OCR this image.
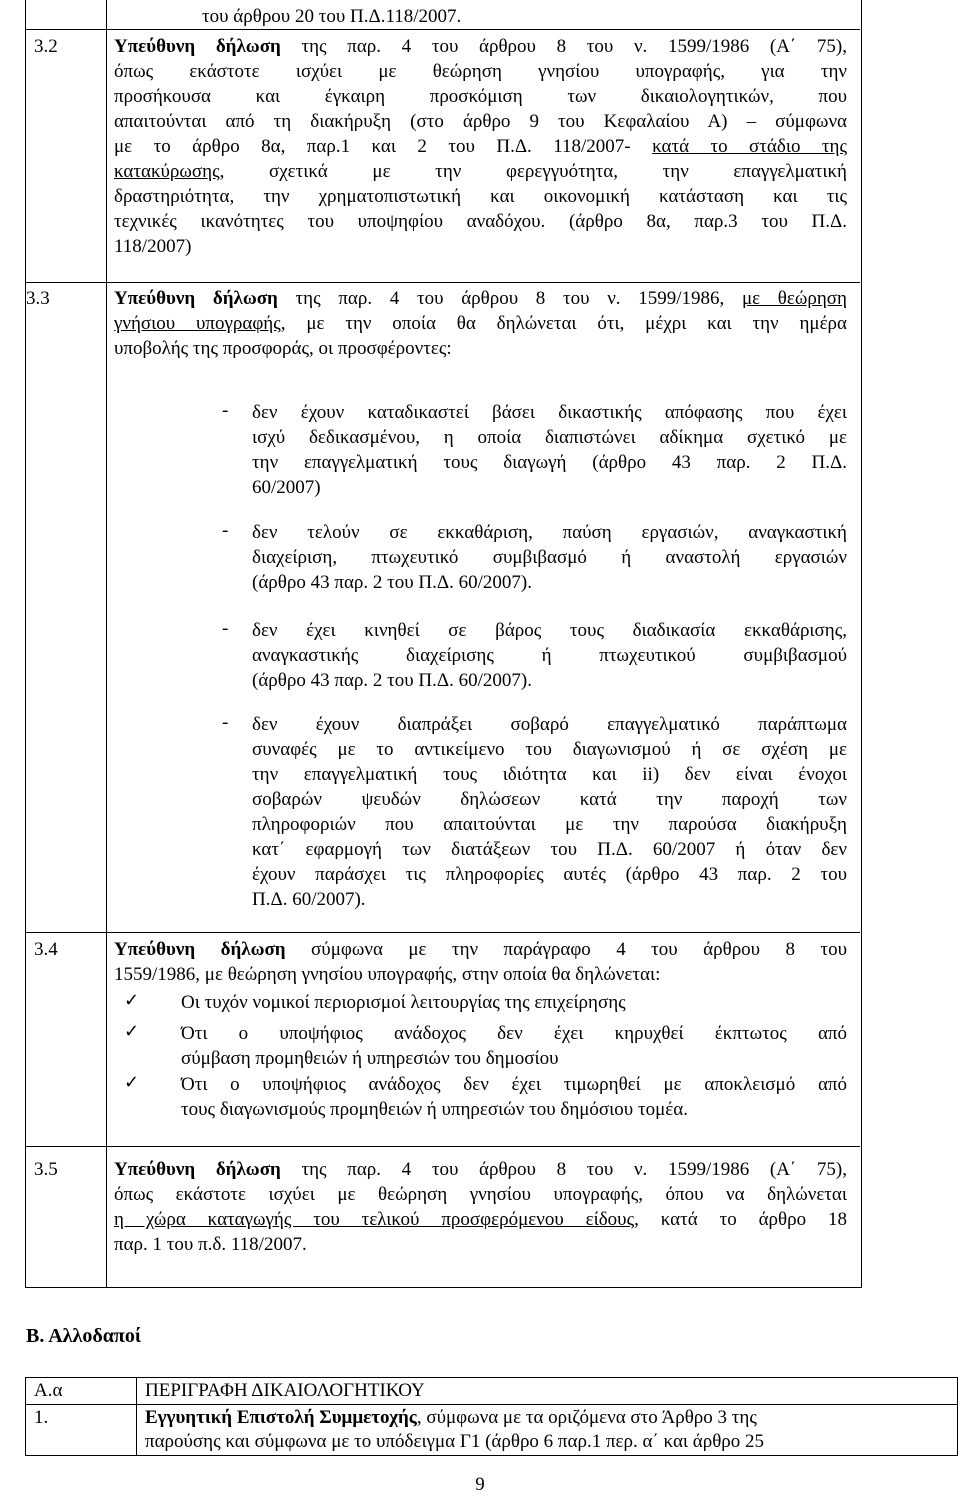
του άρθρου 20 του Π.Δ.118/2007.
3.2	Υπεύθυνη δήλωση της παρ. 4 του άρθρου 8 του ν. 1599/1986 (Α΄ 75),
όπως εκάστοτε ισχύει με θεώρηση γνησίου υπογραφής, για την
προσήκουσα και έγκαιρη προσκόμιση των δικαιολογητικών, που
απαιτούνται από τη διακήρυξη (στο άρθρο 9 του Κεφαλαίου Α) – σύμφωνα
με το άρθρο 8α, παρ.1 και 2 του Π.Δ. 118/2007- κατά το στάδιο της
κατακύρωσης, σχετικά με την φερεγγυότητα, την επαγγελματική
δραστηριότητα, την χρηματοπιστωτική και οικονομική κατάσταση και τις
τεχνικές ικανότητες του υποψηφίου αναδόχου. (άρθρο 8α, παρ.3 του Π.Δ.
118/2007)
3.3	Υπεύθυνη δήλωση της παρ. 4 του άρθρου 8 του ν. 1599/1986, με θεώρηση
γνήσιου υπογραφής, με την οποία θα δηλώνεται ότι, μέχρι και την ημέρα
υποβολής της προσφοράς, οι προσφέροντες:
- δεν έχουν καταδικαστεί βάσει δικαστικής απόφασης που έχει
ισχύ δεδικασμένου, η οποία διαπιστώνει αδίκημα σχετικό με
την επαγγελματική τους διαγωγή (άρθρο 43 παρ. 2 Π.Δ.
60/2007)
- δεν τελούν σε εκκαθάριση, παύση εργασιών, αναγκαστική
διαχείριση, πτωχευτικό συμβιβασμό ή αναστολή εργασιών
(άρθρο 43 παρ. 2 του Π.Δ. 60/2007).
- δεν έχει κινηθεί σε βάρος τους διαδικασία εκκαθάρισης,
αναγκαστικής διαχείρισης ή πτωχευτικού συμβιβασμού
(άρθρο 43 παρ. 2 του Π.Δ. 60/2007).
- δεν έχουν διαπράξει σοβαρό επαγγελματικό παράπτωμα
συναφές με το αντικείμενο του διαγωνισμού ή σε σχέση με
την επαγγελματική τους ιδιότητα και ii) δεν είναι ένοχοι
σοβαρών ψευδών δηλώσεων κατά την παροχή των
πληροφοριών που απαιτούνται με την παρούσα διακήρυξη
κατ΄ εφαρμογή των διατάξεων του Π.Δ. 60/2007 ή όταν δεν
έχουν παράσχει τις πληροφορίες αυτές (άρθρο 43 παρ. 2 του
Π.Δ. 60/2007).
3.4	Υπεύθυνη δήλωση σύμφωνα με την παράγραφο 4 του άρθρου 8 του
1559/1986, με θεώρηση γνησίου υπογραφής, στην οποία θα δηλώνεται:
✓ Οι τυχόν νομικοί περιορισμοί λειτουργίας της επιχείρησης
✓ Ότι ο υποψήφιος ανάδοχος δεν έχει κηρυχθεί έκπτωτος από
σύμβαση προμηθειών ή υπηρεσιών του δημοσίου
✓ Ότι ο υποψήφιος ανάδοχος δεν έχει τιμωρηθεί με αποκλεισμό από
τους διαγωνισμούς προμηθειών ή υπηρεσιών του δημόσιου τομέα.
3.5	Υπεύθυνη δήλωση της παρ. 4 του άρθρου 8 του ν. 1599/1986 (Α΄ 75),
όπως εκάστοτε ισχύει με θεώρηση γνησίου υπογραφής, όπου να δηλώνεται
η χώρα καταγωγής του τελικού προσφερόμενου είδους, κατά το άρθρο 18
παρ. 1 του π.δ. 118/2007.
Β. Αλλοδαποί
Α.α	ΠΕΡΙΓΡΑΦΗ ΔΙΚΑΙΟΛΟΓΗΤΙΚΟΥ
1.	Εγγυητική Επιστολή Συμμετοχής, σύμφωνα με τα οριζόμενα στο Άρθρο 3 της
παρούσης και σύμφωνα με το υπόδειγμα Γ1 (άρθρο 6 παρ.1 περ. α΄ και άρθρο 25
9
